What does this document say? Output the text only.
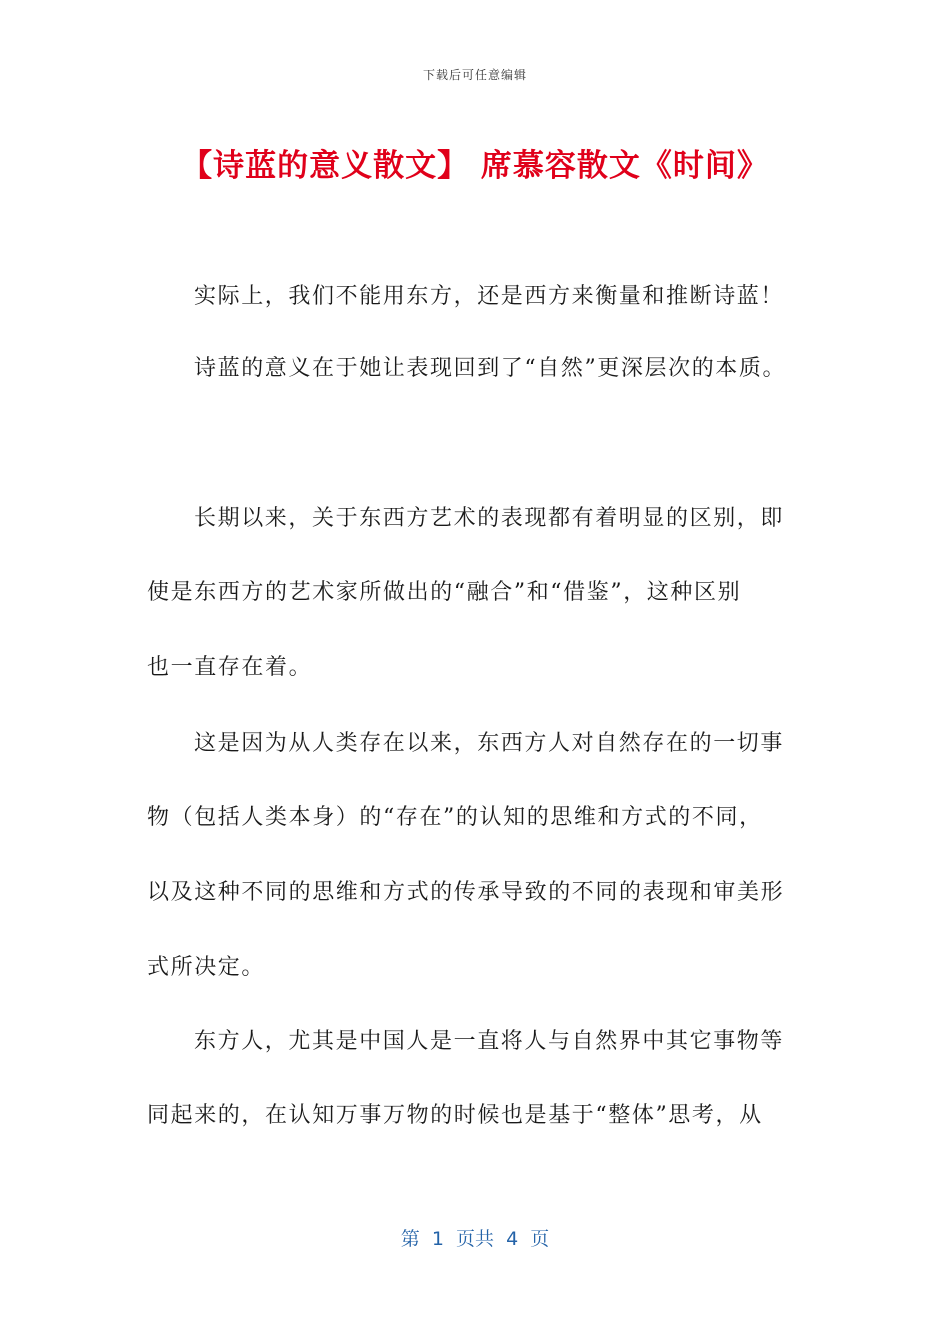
下载后可任意编辑
【诗蓝的意义散文】 席慕容散文《时间》
实际上，我们不能用东方，还是西方来衡量和推断诗蓝！
诗蓝的意义在于她让表现回到了“自然”更深层次的本质。
长期以来，关于东西方艺术的表现都有着明显的区别，即
使是东西方的艺术家所做出的“融合”和“借鉴”，这种区别
也一直存在着。
这是因为从人类存在以来，东西方人对自然存在的一切事
物（包括人类本身）的“存在”的认知的思维和方式的不同，
以及这种不同的思维和方式的传承导致的不同的表现和审美形
式所决定。
东方人，尤其是中国人是一直将人与自然界中其它事物等
同起来的，在认知万事万物的时候也是基于“整体”思考，从
第  1  页共  4  页
